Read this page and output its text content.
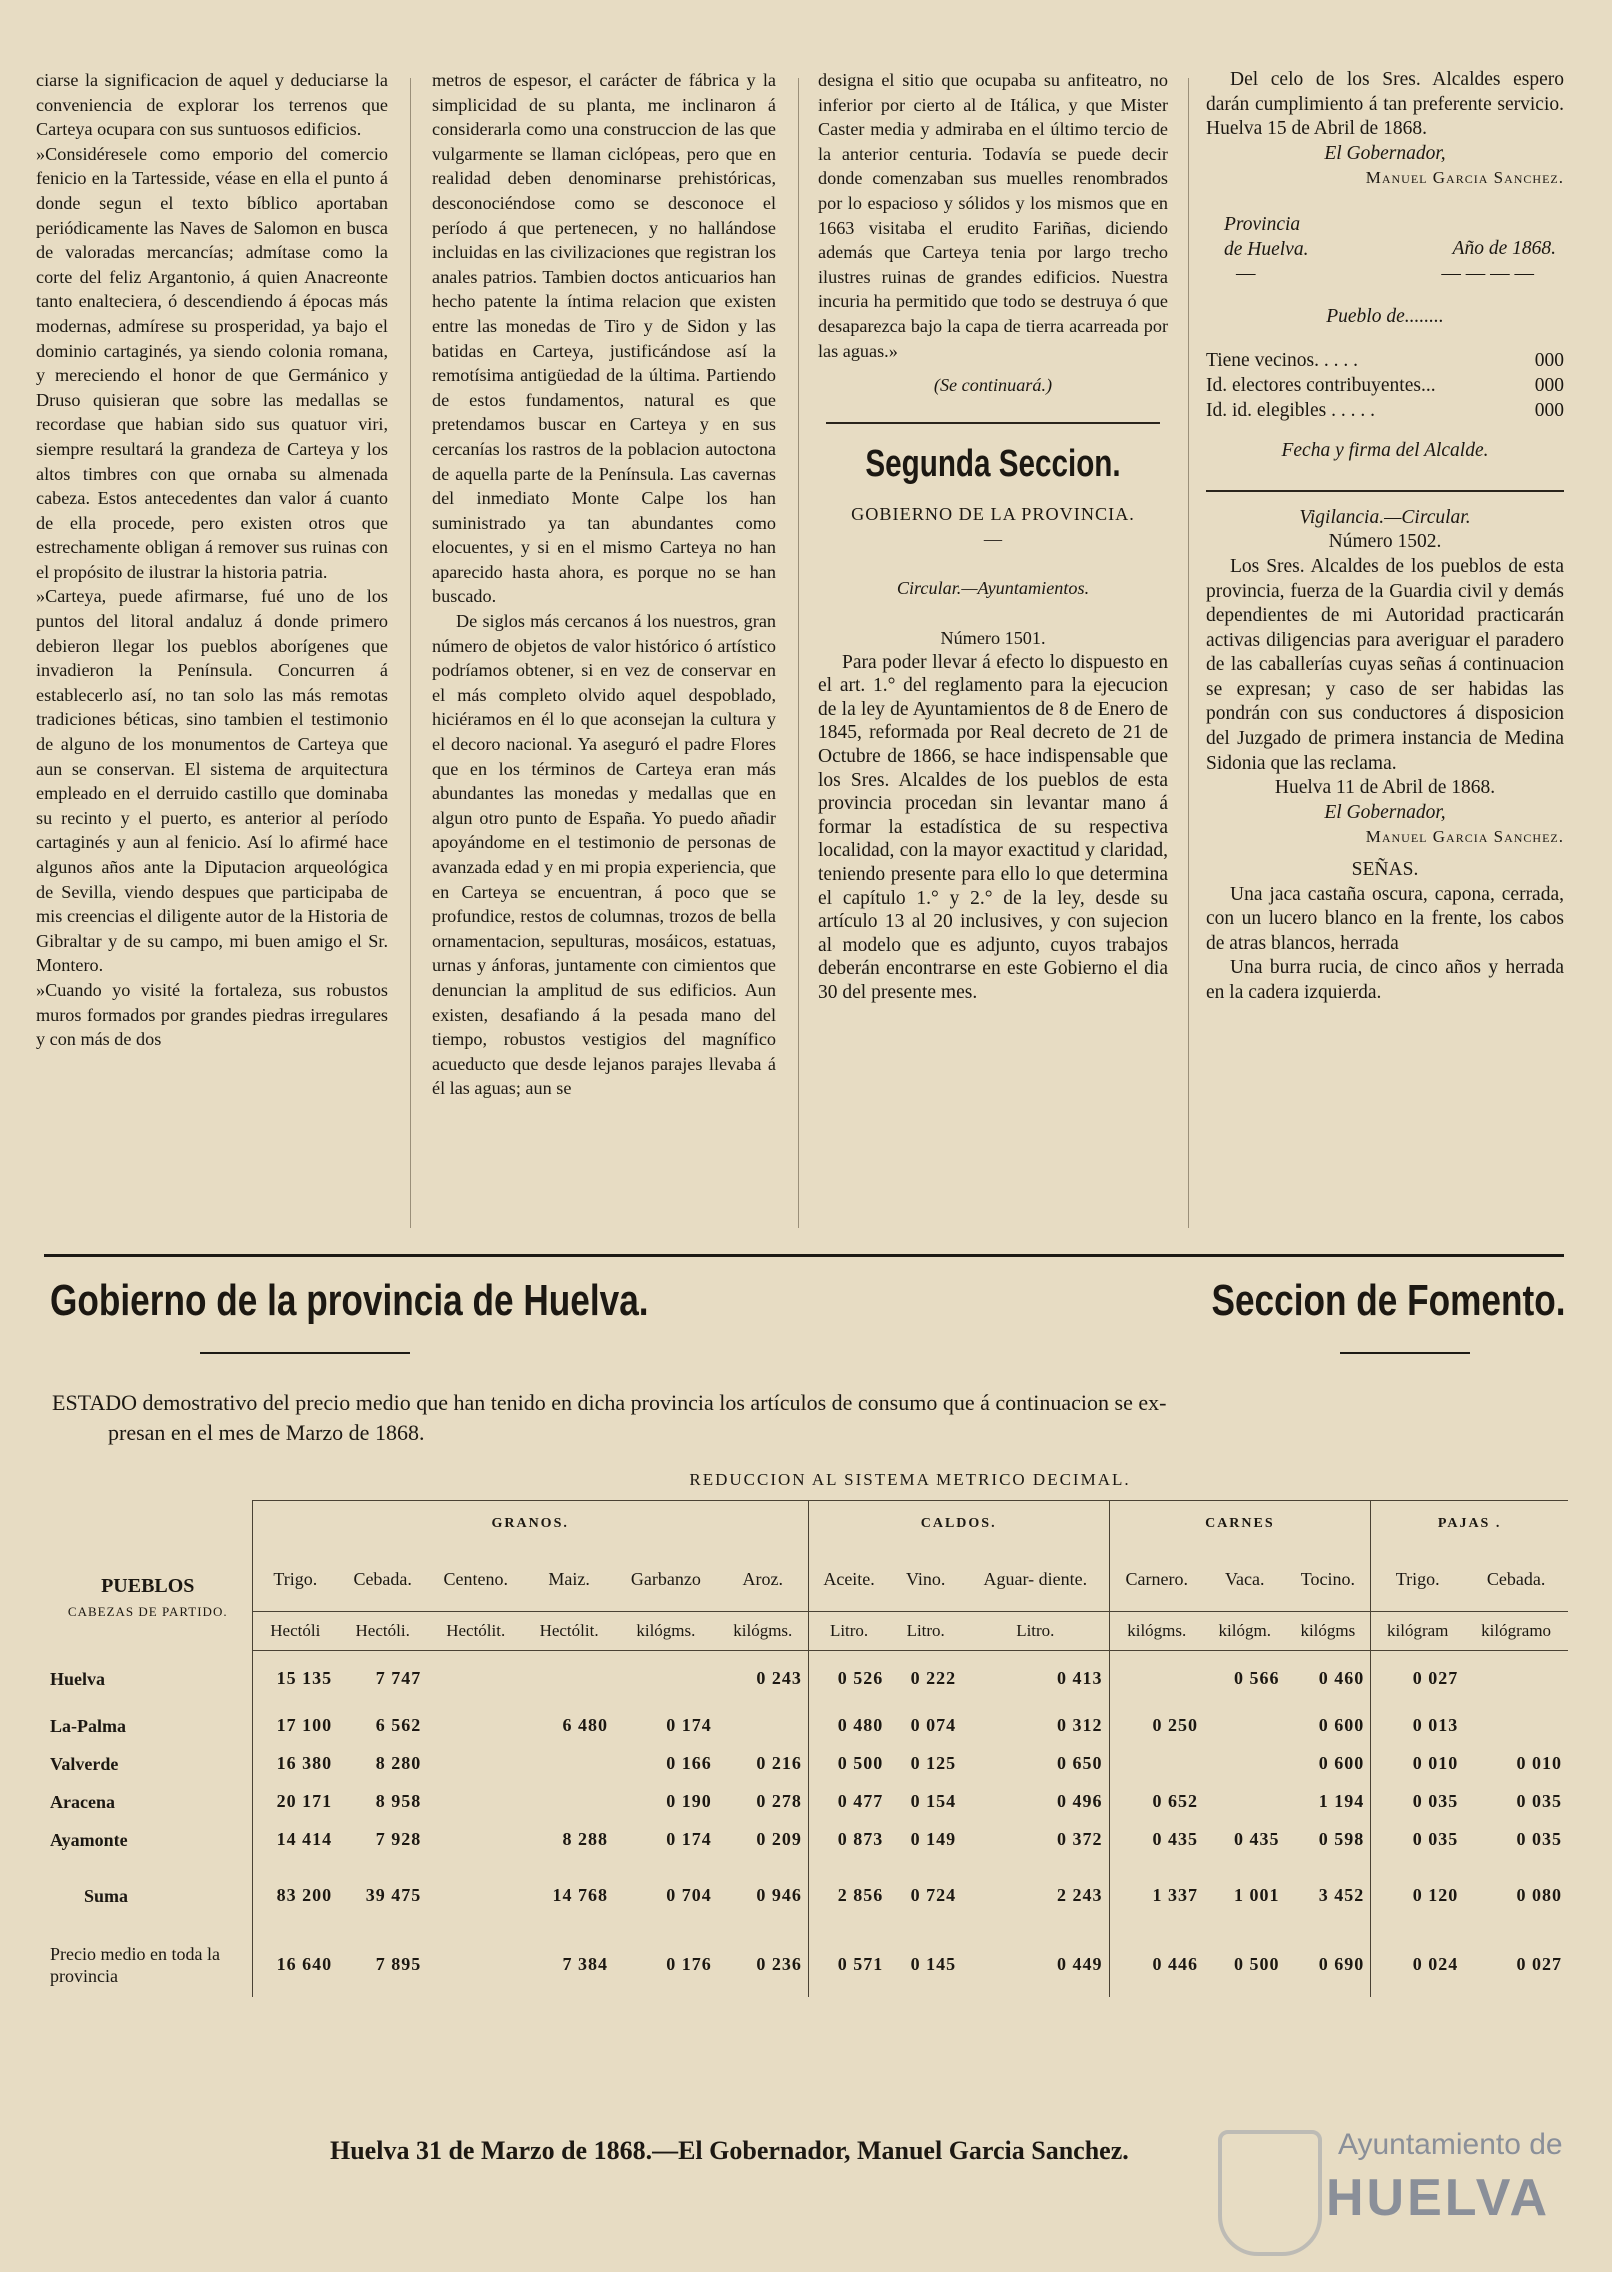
ciarse la significacion de aquel y deduciarse la conveniencia de explorar los terrenos que Carteya ocupara con sus suntuosos edificios.

»Considéresele como emporio del comercio fenicio en la Tartesside, véase en ella el punto á donde segun el texto bíblico aportaban periódicamente las Naves de Salomon en busca de valoradas mercancías; admítase como la corte del feliz Argantonio, á quien Anacreonte tanto enalteciera, ó descendiendo á épocas más modernas, admírese su prosperidad, ya bajo el dominio cartaginés, ya siendo colonia romana, y mereciendo el honor de que Germánico y Druso quisieran que sobre las medallas se recordase que habian sido sus quatuor viri, siempre resultará la grandeza de Carteya y los altos timbres con que ornaba su almenada cabeza. Estos antecedentes dan valor á cuanto de ella procede, pero existen otros que estrechamente obligan á remover sus ruinas con el propósito de ilustrar la historia patria.

»Carteya, puede afirmarse, fué uno de los puntos del litoral andaluz á donde primero debieron llegar los pueblos aborígenes que invadieron la Península. Concurren á establecerlo así, no tan solo las más remotas tradiciones béticas, sino tambien el testimonio de alguno de los monumentos de Carteya que aun se conservan. El sistema de arquitectura empleado en el derruido castillo que dominaba su recinto y el puerto, es anterior al período cartaginés y aun al fenicio. Así lo afirmé hace algunos años ante la Diputacion arqueológica de Sevilla, viendo despues que participaba de mis creencias el diligente autor de la Historia de Gibraltar y de su campo, mi buen amigo el Sr. Montero.

»Cuando yo visité la fortaleza, sus robustos muros formados por grandes piedras irregulares y con más de dos

metros de espesor, el carácter de fábrica y la simplicidad de su planta, me inclinaron á considerarla como una construccion de las que vulgarmente se llaman ciclópeas, pero que en realidad deben denominarse prehistóricas, desconociéndose como se desconoce el período á que pertenecen, y no hallándose incluidas en las civilizaciones que registran los anales patrios. Tambien doctos anticuarios han hecho patente la íntima relacion que existen entre las monedas de Tiro y de Sidon y las batidas en Carteya, justificándose así la remotísima antigüedad de la última. Partiendo de estos fundamentos, natural es que pretendamos buscar en Carteya y en sus cercanías los rastros de la poblacion autoctona de aquella parte de la Península. Las cavernas del inmediato Monte Calpe los han suministrado ya tan abundantes como elocuentes, y si en el mismo Carteya no han aparecido hasta ahora, es porque no se han buscado.

De siglos más cercanos á los nuestros, gran número de objetos de valor histórico ó artístico podríamos obtener, si en vez de conservar en el más completo olvido aquel despoblado, hiciéramos en él lo que aconsejan la cultura y el decoro nacional. Ya aseguró el padre Flores que en los términos de Carteya eran más abundantes las monedas y medallas que en algun otro punto de España. Yo puedo añadir apoyándome en el testimonio de personas de avanzada edad y en mi propia experiencia, que en Carteya se encuentran, á poco que se profundice, restos de columnas, trozos de bella ornamentacion, sepulturas, mosáicos, estatuas, urnas y ánforas, juntamente con cimientos que denuncian la amplitud de sus edificios. Aun existen, desafiando á la pesada mano del tiempo, robustos vestigios del magnífico acueducto que desde lejanos parajes llevaba á él las aguas; aun se

designa el sitio que ocupaba su anfiteatro, no inferior por cierto al de Itálica, y que Mister Caster media y admiraba en el último tercio de la anterior centuria. Todavía se puede decir donde comenzaban sus muelles renombrados por lo espacioso y sólidos y los mismos que en 1663 visitaba el erudito Fariñas, diciendo además que Carteya tenia por largo trecho ilustres ruinas de grandes edificios. Nuestra incuria ha permitido que todo se destruya ó que desaparezca bajo la capa de tierra acarreada por las aguas.»

(Se continuará.)

Segunda Seccion.

GOBIERNO DE LA PROVINCIA.

—

Circular.—Ayuntamientos.

Número 1501.

Para poder llevar á efecto lo dispuesto en el art. 1.° del reglamento para la ejecucion de la ley de Ayuntamientos de 8 de Enero de 1845, reformada por Real decreto de 21 de Octubre de 1866, se hace indispensable que los Sres. Alcaldes de los pueblos de esta provincia procedan sin levantar mano á formar la estadística de su respectiva localidad, con la mayor exactitud y claridad, teniendo presente para ello lo que determina el capítulo 1.° y 2.° de la ley, desde su artículo 13 al 20 inclusives, y con sujecion al modelo que es adjunto, cuyos trabajos deberán encontrarse en este Gobierno el dia 30 del presente mes.

Del celo de los Sres. Alcaldes espero darán cumplimiento á tan preferente servicio. Huelva 15 de Abril de 1868.

El Gobernador,

Manuel Garcia Sanchez.

Provincia
de Huelva.	Año de 1868.
—	— — — —

Pueblo de........

Tiene vecinos. . . . .	000
Id. electores contribuyentes...	000
Id. id. elegibles . . . . .	000

Fecha y firma del Alcalde.

Vigilancia.—Circular.

Número 1502.

Los Sres. Alcaldes de los pueblos de esta provincia, fuerza de la Guardia civil y demás dependientes de mi Autoridad practicarán activas diligencias para averiguar el paradero de las caballerías cuyas señas á continuacion se expresan; y caso de ser habidas las pondrán con sus conductores á disposicion del Juzgado de primera instancia de Medina Sidonia que las reclama.

Huelva 11 de Abril de 1868.

El Gobernador,

Manuel Garcia Sanchez.

SEÑAS.

Una jaca castaña oscura, capona, cerrada, con un lucero blanco en la frente, los cabos de atras blancos, herrada

Una burra rucia, de cinco años y herrada en la cadera izquierda.

Gobierno de la provincia de Huelva.	Seccion de Fomento.
ESTADO demostrativo del precio medio que han tenido en dicha provincia los artículos de consumo que á continuacion se ex-
presan en el mes de Marzo de 1868.
	REDUCCION AL SISTEMA METRICO DECIMAL.													
	GRANOS.						CALDOS.			CARNES			PAJAS .	

PUEBLOS
CABEZAS DE PARTIDO.	Trigo.	Cebada.	Centeno.	Maiz.	Garbanzo	Aroz.	Aceite.	Vino.	Aguar- diente.	Carnero.	Vaca.	Tocino.	Trigo.	Cebada.
	Hectóli	Hectóli.	Hectólit.	Hectólit.	kilógms.	kilógms.	Litro.	Litro.	Litro.	kilógms.	kilógm.	kilógms	kilógram	kilógramo
Huelva	15 135	7 747				0 243	0 526	0 222	0 413		0 566	0 460	0 027	
La-Palma	17 100	6 562		6 480	0 174		0 480	0 074	0 312	0 250		0 600	0 013	
Valverde	16 380	8 280			0 166	0 216	0 500	0 125	0 650			0 600	0 010	0 010
Aracena	20 171	8 958			0 190	0 278	0 477	0 154	0 496	0 652		1 194	0 035	0 035
Ayamonte	14 414	7 928		8 288	0 174	0 209	0 873	0 149	0 372	0 435	0 435	0 598	0 035	0 035
Suma	83 200	39 475		14 768	0 704	0 946	2 856	0 724	2 243	1 337	1 001	3 452	0 120	0 080
Precio medio en toda la provincia	16 640	7 895		7 384	0 176	0 236	0 571	0 145	0 449	0 446	0 500	0 690	0 024	0 027
Huelva 31 de Marzo de 1868.—El Gobernador, Manuel Garcia Sanchez.	Ayuntamiento de
HUELVA
